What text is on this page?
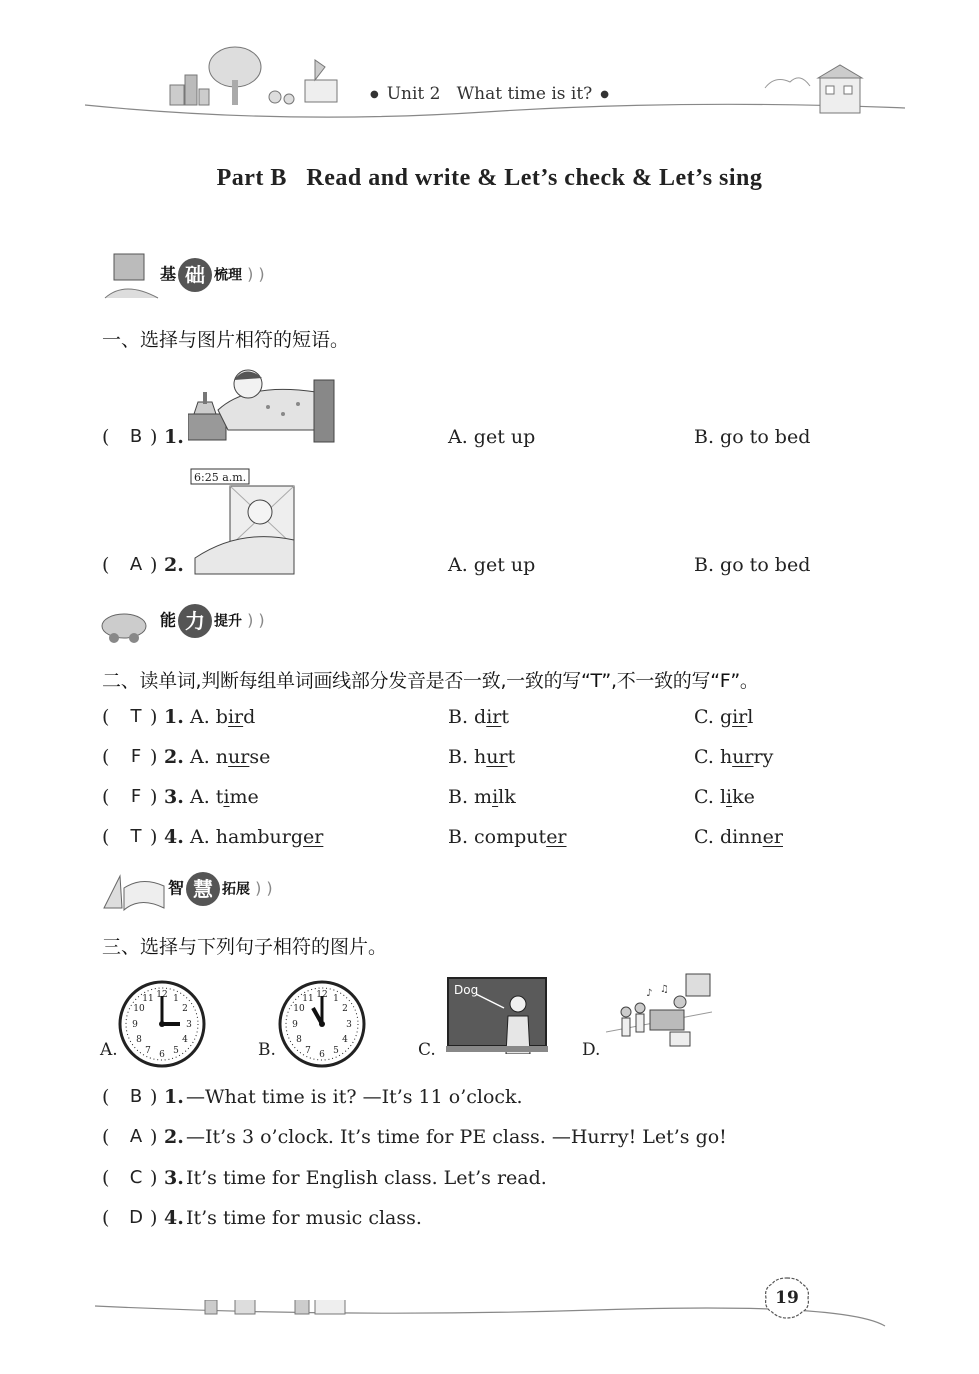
● Unit 2   What time is it? ●
Part B   Read and write & Let’s check & Let’s sing
基 础 梳理 ) )
一、选择与图片相符的短语。
(	B ) 1.	A. get up	B. go to bed
6:25 a.m.
(	A ) 2.	A. get up	B. go to bed
能 力 提升 ) )
二、读单词,判断每组单词画线部分发音是否一致,一致的写“T”,不一致的写“F”。
(	T ) 1. A. bird	B. dirt	C. girl
(	F ) 2. A. nurse	B. hurt	C. hurry
(	F ) 3. A. time	B. milk	C. like
(	T ) 4. A. hamburger	B. computer	C. dinner
智 慧 拓展 ) )
三、选择与下列句子相符的图片。
A.
12 1
2
3
4
5
6
7
8
9
10
11
B.
12 1
2
3
4
5
6
7
8
9
10
11
C.
Dog
D.
♪ ♫
(	B ) 1. —What time is it? —It’s 11 o’clock.
(	A ) 2. —It’s 3 o’clock. It’s time for PE class. —Hurry! Let’s go!
(	C ) 3. It’s time for English class. Let’s read.
( D ) 4. It’s time for music class.
19
